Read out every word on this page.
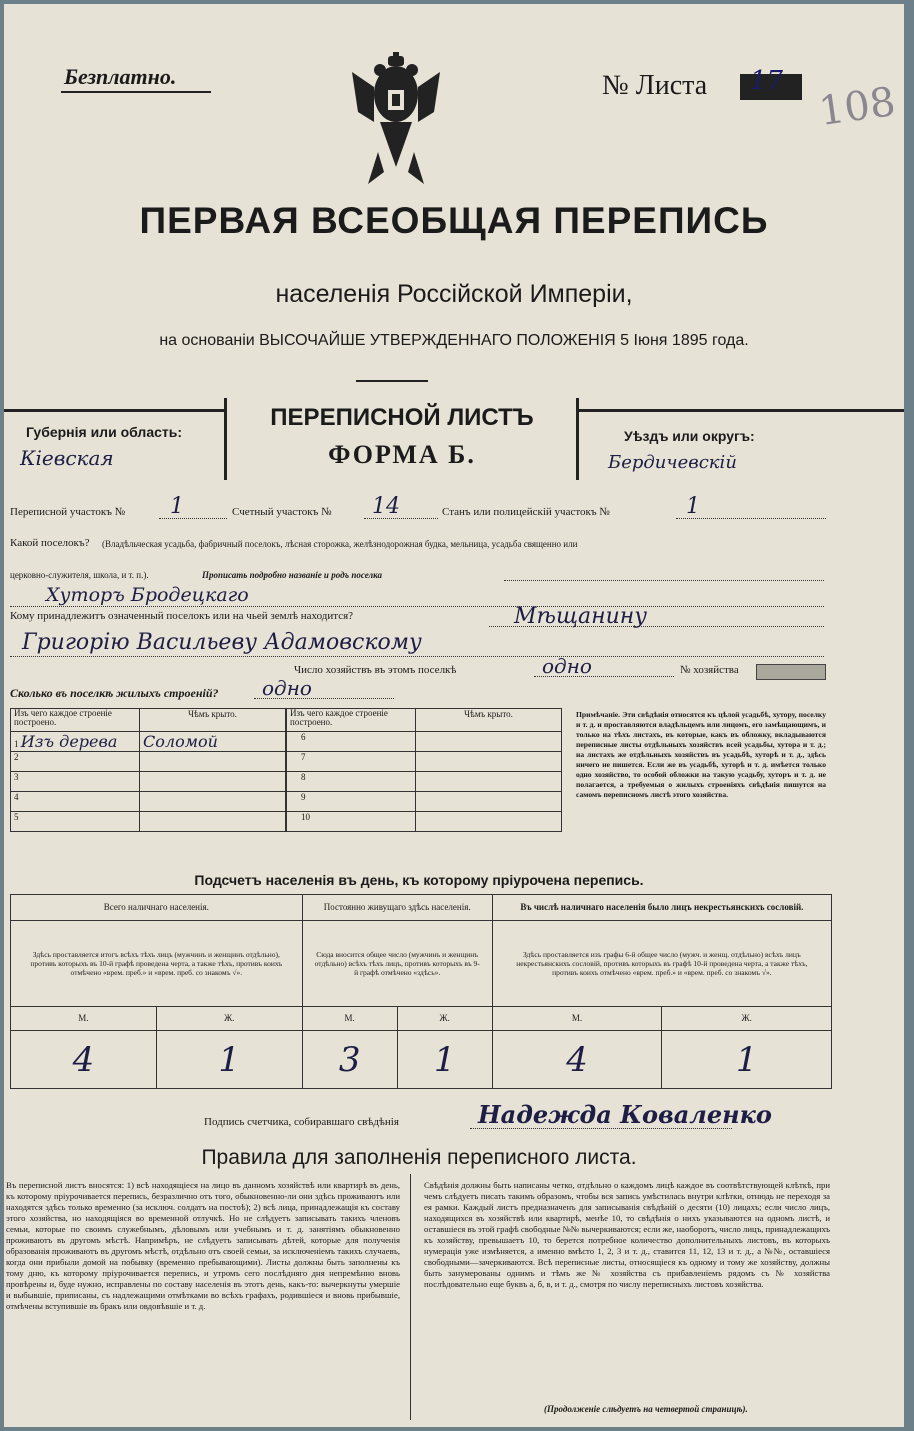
Безплатно.	№ Листа 17 108
ПЕРВАЯ ВСЕОБЩАЯ ПЕРЕПИСЬ
населенія Россійской Имперіи,
на основаніи ВЫСОЧАЙШЕ УТВЕРЖДЕННАГО ПОЛОЖЕНІЯ 5 Іюня 1895 года.
Губернія или область:
Кіевская
ПЕРЕПИСНОЙ ЛИСТЪ
ФОРМА Б.
Уѣздъ или округъ:
Бердичевскій
Переписной участокъ № 1	Счетный участокъ № 14	Станъ или полицейскій участокъ №	1
Какой поселокъ? (Владѣльческая усадьба, фабричный поселокъ, лѣсная сторожка, желѣзнодорожная будка, мельница, усадьба священно или
церковно-служителя, школа, и т. п.).	Прописать подробно названіе и родъ поселка
Хуторъ Бродецкаго
Кому принадлежитъ означенный поселокъ или на чьей землѣ находится?	Мѣщанину
Григорію Васильеву Адамовскому
Число хозяйствъ въ этомъ поселкѣ	одно	№ хозяйства
Сколько въ поселкѣ жилыхъ строеній? одно
Изъ чего каждое строеніе построено.	Чѣмъ крыто.
1 Изъ дерева	Соломой
2	
3	
4	
5	
Изъ чего каждое строеніе построено.	Чѣмъ крыто.
6	
7	
8	
9	
10	
Примѣчаніе. Эти свѣдѣнія относятся къ цѣлой усадьбѣ, хутору, поселку и т. д. и проставляются владѣльцемъ или лицомъ, его замѣщающимъ, и только на тѣхъ листахъ, въ которые, какъ въ обложку, вкладываются переписные листы отдѣльныхъ хозяйствъ всей усадьбы, хутора и т. д.; на листахъ же отдѣльныхъ хозяйствъ въ усадьбѣ, хуторѣ и т. д., здѣсь ничего не пишется. Если же въ усадьбѣ, хуторѣ и т. д. имѣется только одно хозяйство, то особой обложки на такую усадьбу, хуторъ и т. д. не полагается, а требуемыя о жилыхъ строеніяхъ свѣдѣнія пишутся на самомъ переписномъ листѣ этого хозяйства.
Подсчетъ населенія въ день, къ которому пріурочена перепись.
Всего наличнаго населенія.		Постоянно живущаго здѣсь населенія.		Въ числѣ наличнаго населенія было лицъ некрестьянскихъ сословій.	
Здѣсь проставляется итогъ всѣхъ тѣхъ лицъ (мужчинъ и женщинъ отдѣльно), противъ которыхъ въ 10-й графѣ проведена черта, а также тѣхъ, противъ коихъ отмѣчено «врем. преб.» и «врем. преб. со знакомъ √».		Сюда вносится общее число (мужчинъ и женщинъ отдѣльно) всѣхъ тѣхъ лицъ, противъ которыхъ въ 9-й графѣ отмѣчено «здѣсь».		Здѣсь проставляется изъ графы 6-й общее число (мужч. и женщ. отдѣльно) всѣхъ лицъ некрестьянскихъ сословій, противъ которыхъ въ графѣ 10-й проведена черта, а также тѣхъ, противъ коихъ отмѣчено «врем. преб.» и «врем. преб. со знакомъ √».	
М.	Ж.	М.	Ж.	М.	Ж.
4	1	3	1	4	1
Подпись счетчика, собиравшаго свѣдѣнія	Надежда Коваленко
Правила для заполненія переписного листа.
Въ переписной листъ вносятся: 1) всѣ находящіеся на лицо въ данномъ хозяйствѣ или квартирѣ въ день, къ которому пріурочивается перепись, безразлично отъ того, обыкновенно-ли они здѣсь проживаютъ или находятся здѣсь только временно (за исключ. солдатъ на постоѣ); 2) всѣ лица, принадлежащія къ составу этого хозяйства, но находящіяся во временной отлучкѣ. Но не слѣдуетъ записывать такихъ членовъ семьи, которые по своимъ служебнымъ, дѣловымъ или учебнымъ и т. д. занятіямъ обыкновенно проживаютъ въ другомъ мѣстѣ. Напримѣръ, не слѣдуетъ записывать дѣтей, которые для полученія образованія проживаютъ въ другомъ мѣстѣ, отдѣльно отъ своей семьи, за исключеніемъ такихъ случаевъ, когда они прибыли домой на побывку (временно пребывающими). Листы должны быть заполнены къ тому дню, къ которому пріурочивается перепись, и утромъ сего послѣдняго дня непремѣнно вновь провѣрены и, буде нужно, исправлены по составу населенія въ этотъ день, какъ-то: вычеркнуты умершіе и выбывшіе, приписаны, съ надлежащими отмѣтками во всѣхъ графахъ, родившіеся и вновь прибывшіе, отмѣчены вступившіе въ бракъ или овдовѣвшіе и т. д.
Свѣдѣнія должны быть написаны четко, отдѣльно о каждомъ лицѣ каждое въ соотвѣтствующей клѣткѣ, при чемъ слѣдуетъ писать такимъ образомъ, чтобы вся запись умѣстилась внутри клѣтки, отнюдь не переходя за ея рамки. Каждый листъ предназначенъ для записыванія свѣдѣній о десяти (10) лицахъ; если число лицъ, находящихся въ хозяйствѣ или квартирѣ, менѣе 10, то свѣдѣнія о нихъ указываются на одномъ листѣ, и оставшіеся въ этой графѣ свободные №№ вычеркиваются; если же, наоборотъ, число лицъ, принадлежащихъ къ хозяйству, превышаетъ 10, то берется потребное количество дополнительныхъ листовъ, въ которыхъ нумерація уже измѣняется, а именно вмѣсто 1, 2, 3 и т. д., ставится 11, 12, 13 и т. д., а №№, оставшіеся свободными—зачеркиваются. Всѣ переписные листы, относящіеся къ одному и тому же хозяйству, должны быть занумерованы однимъ и тѣмъ же № хозяйства съ прибавленіемъ рядомъ съ № хозяйства послѣдовательно еще буквъ а, б, в, и т. д., смотря по числу переписныхъ листовъ хозяйства.
(Продолженіе слѣдуетъ на четвертой страницѣ).
